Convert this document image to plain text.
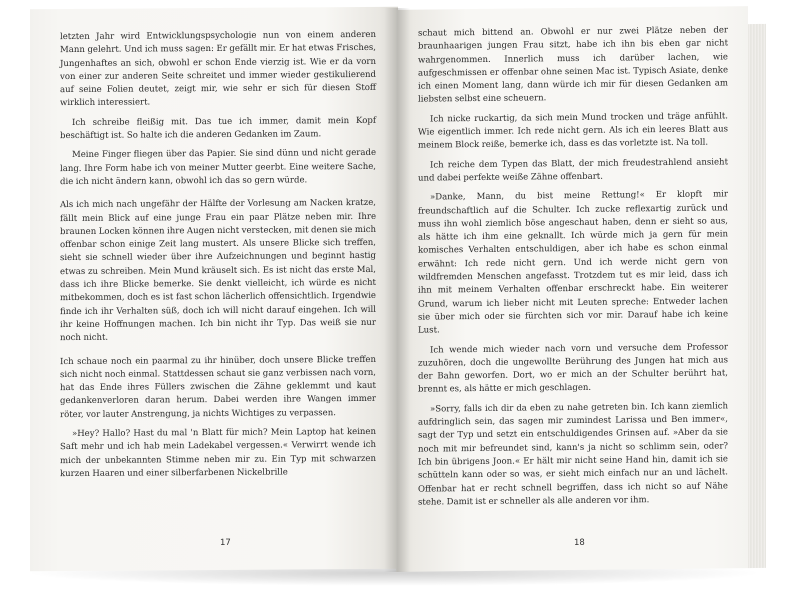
letzten Jahr wird Entwicklungspsychologie nun von einem anderen Mann gelehrt. Und ich muss sagen: Er gefällt mir. Er hat etwas Frisches, Jungenhaftes an sich, obwohl er schon Ende vierzig ist. Wie er da vorn von einer zur anderen Seite schreitet und immer wieder gestikulierend auf seine Folien deutet, zeigt mir, wie sehr er sich für diesen Stoff wirklich interessiert.

Ich schreibe fleißig mit. Das tue ich immer, damit mein Kopf beschäftigt ist. So halte ich die anderen Gedanken im Zaum.

Meine Finger fliegen über das Papier. Sie sind dünn und nicht gerade lang. Ihre Form habe ich von meiner Mutter geerbt. Eine weitere Sache, die ich nicht ändern kann, obwohl ich das so gern würde.

Als ich mich nach ungefähr der Hälfte der Vorlesung am Nacken kratze, fällt mein Blick auf eine junge Frau ein paar Plätze neben mir. Ihre braunen Locken können ihre Augen nicht verstecken, mit denen sie mich offenbar schon einige Zeit lang mustert. Als unsere Blicke sich treffen, sieht sie schnell wieder über ihre Aufzeichnungen und beginnt hastig etwas zu schreiben. Mein Mund kräuselt sich. Es ist nicht das erste Mal, dass ich ihre Blicke bemerke. Sie denkt vielleicht, ich würde es nicht mitbekommen, doch es ist fast schon lächerlich offensichtlich. Irgendwie finde ich ihr Verhalten süß, doch ich will nicht darauf eingehen. Ich will ihr keine Hoffnungen machen. Ich bin nicht ihr Typ. Das weiß sie nur noch nicht.

Ich schaue noch ein paarmal zu ihr hinüber, doch unsere Blicke treffen sich nicht noch einmal. Stattdessen schaut sie ganz verbissen nach vorn, hat das Ende ihres Füllers zwischen die Zähne geklemmt und kaut gedankenverloren daran herum. Dabei werden ihre Wangen immer röter, vor lauter Anstrengung, ja nichts Wichtiges zu verpassen.

»Hey? Hallo? Hast du mal 'n Blatt für mich? Mein Laptop hat keinen Saft mehr und ich hab mein Ladekabel vergessen.« Verwirrt wende ich mich der unbekannten Stimme neben mir zu. Ein Typ mit schwarzen kurzen Haaren und einer silberfarbenen Nickelbrille

17

schaut mich bittend an. Obwohl er nur zwei Plätze neben der braunhaarigen jungen Frau sitzt, habe ich ihn bis eben gar nicht wahrgenommen. Innerlich muss ich darüber lachen, wie aufgeschmissen er offenbar ohne seinen Mac ist. Typisch Asiate, denke ich einen Moment lang, dann würde ich mir für diesen Gedanken am liebsten selbst eine scheuern.

Ich nicke ruckartig, da sich mein Mund trocken und träge anfühlt. Wie eigentlich immer. Ich rede nicht gern. Als ich ein leeres Blatt aus meinem Block reiße, bemerke ich, dass es das vorletzte ist. Na toll.

Ich reiche dem Typen das Blatt, der mich freudestrahlend ansieht und dabei perfekte weiße Zähne offenbart.

»Danke, Mann, du bist meine Rettung!« Er klopft mir freundschaftlich auf die Schulter. Ich zucke reflexartig zurück und muss ihn wohl ziemlich böse angeschaut haben, denn er sieht so aus, als hätte ich ihm eine geknallt. Ich würde mich ja gern für mein komisches Verhalten entschuldigen, aber ich habe es schon einmal erwähnt: Ich rede nicht gern. Und ich werde nicht gern von wildfremden Menschen angefasst. Trotzdem tut es mir leid, dass ich ihn mit meinem Verhalten offenbar erschreckt habe. Ein weiterer Grund, warum ich lieber nicht mit Leuten spreche: Entweder lachen sie über mich oder sie fürchten sich vor mir. Darauf habe ich keine Lust.

Ich wende mich wieder nach vorn und versuche dem Professor zuzuhören, doch die ungewollte Berührung des Jungen hat mich aus der Bahn geworfen. Dort, wo er mich an der Schulter berührt hat, brennt es, als hätte er mich geschlagen.

»Sorry, falls ich dir da eben zu nahe getreten bin. Ich kann ziemlich aufdringlich sein, das sagen mir zumindest Larissa und Ben immer«, sagt der Typ und setzt ein entschuldigendes Grinsen auf. »Aber da sie noch mit mir befreundet sind, kann's ja nicht so schlimm sein, oder? Ich bin übrigens Joon.« Er hält mir nicht seine Hand hin, damit ich sie schütteln kann oder so was, er sieht mich einfach nur an und lächelt. Offenbar hat er recht schnell begriffen, dass ich nicht so auf Nähe stehe. Damit ist er schneller als alle anderen vor ihm.

18
